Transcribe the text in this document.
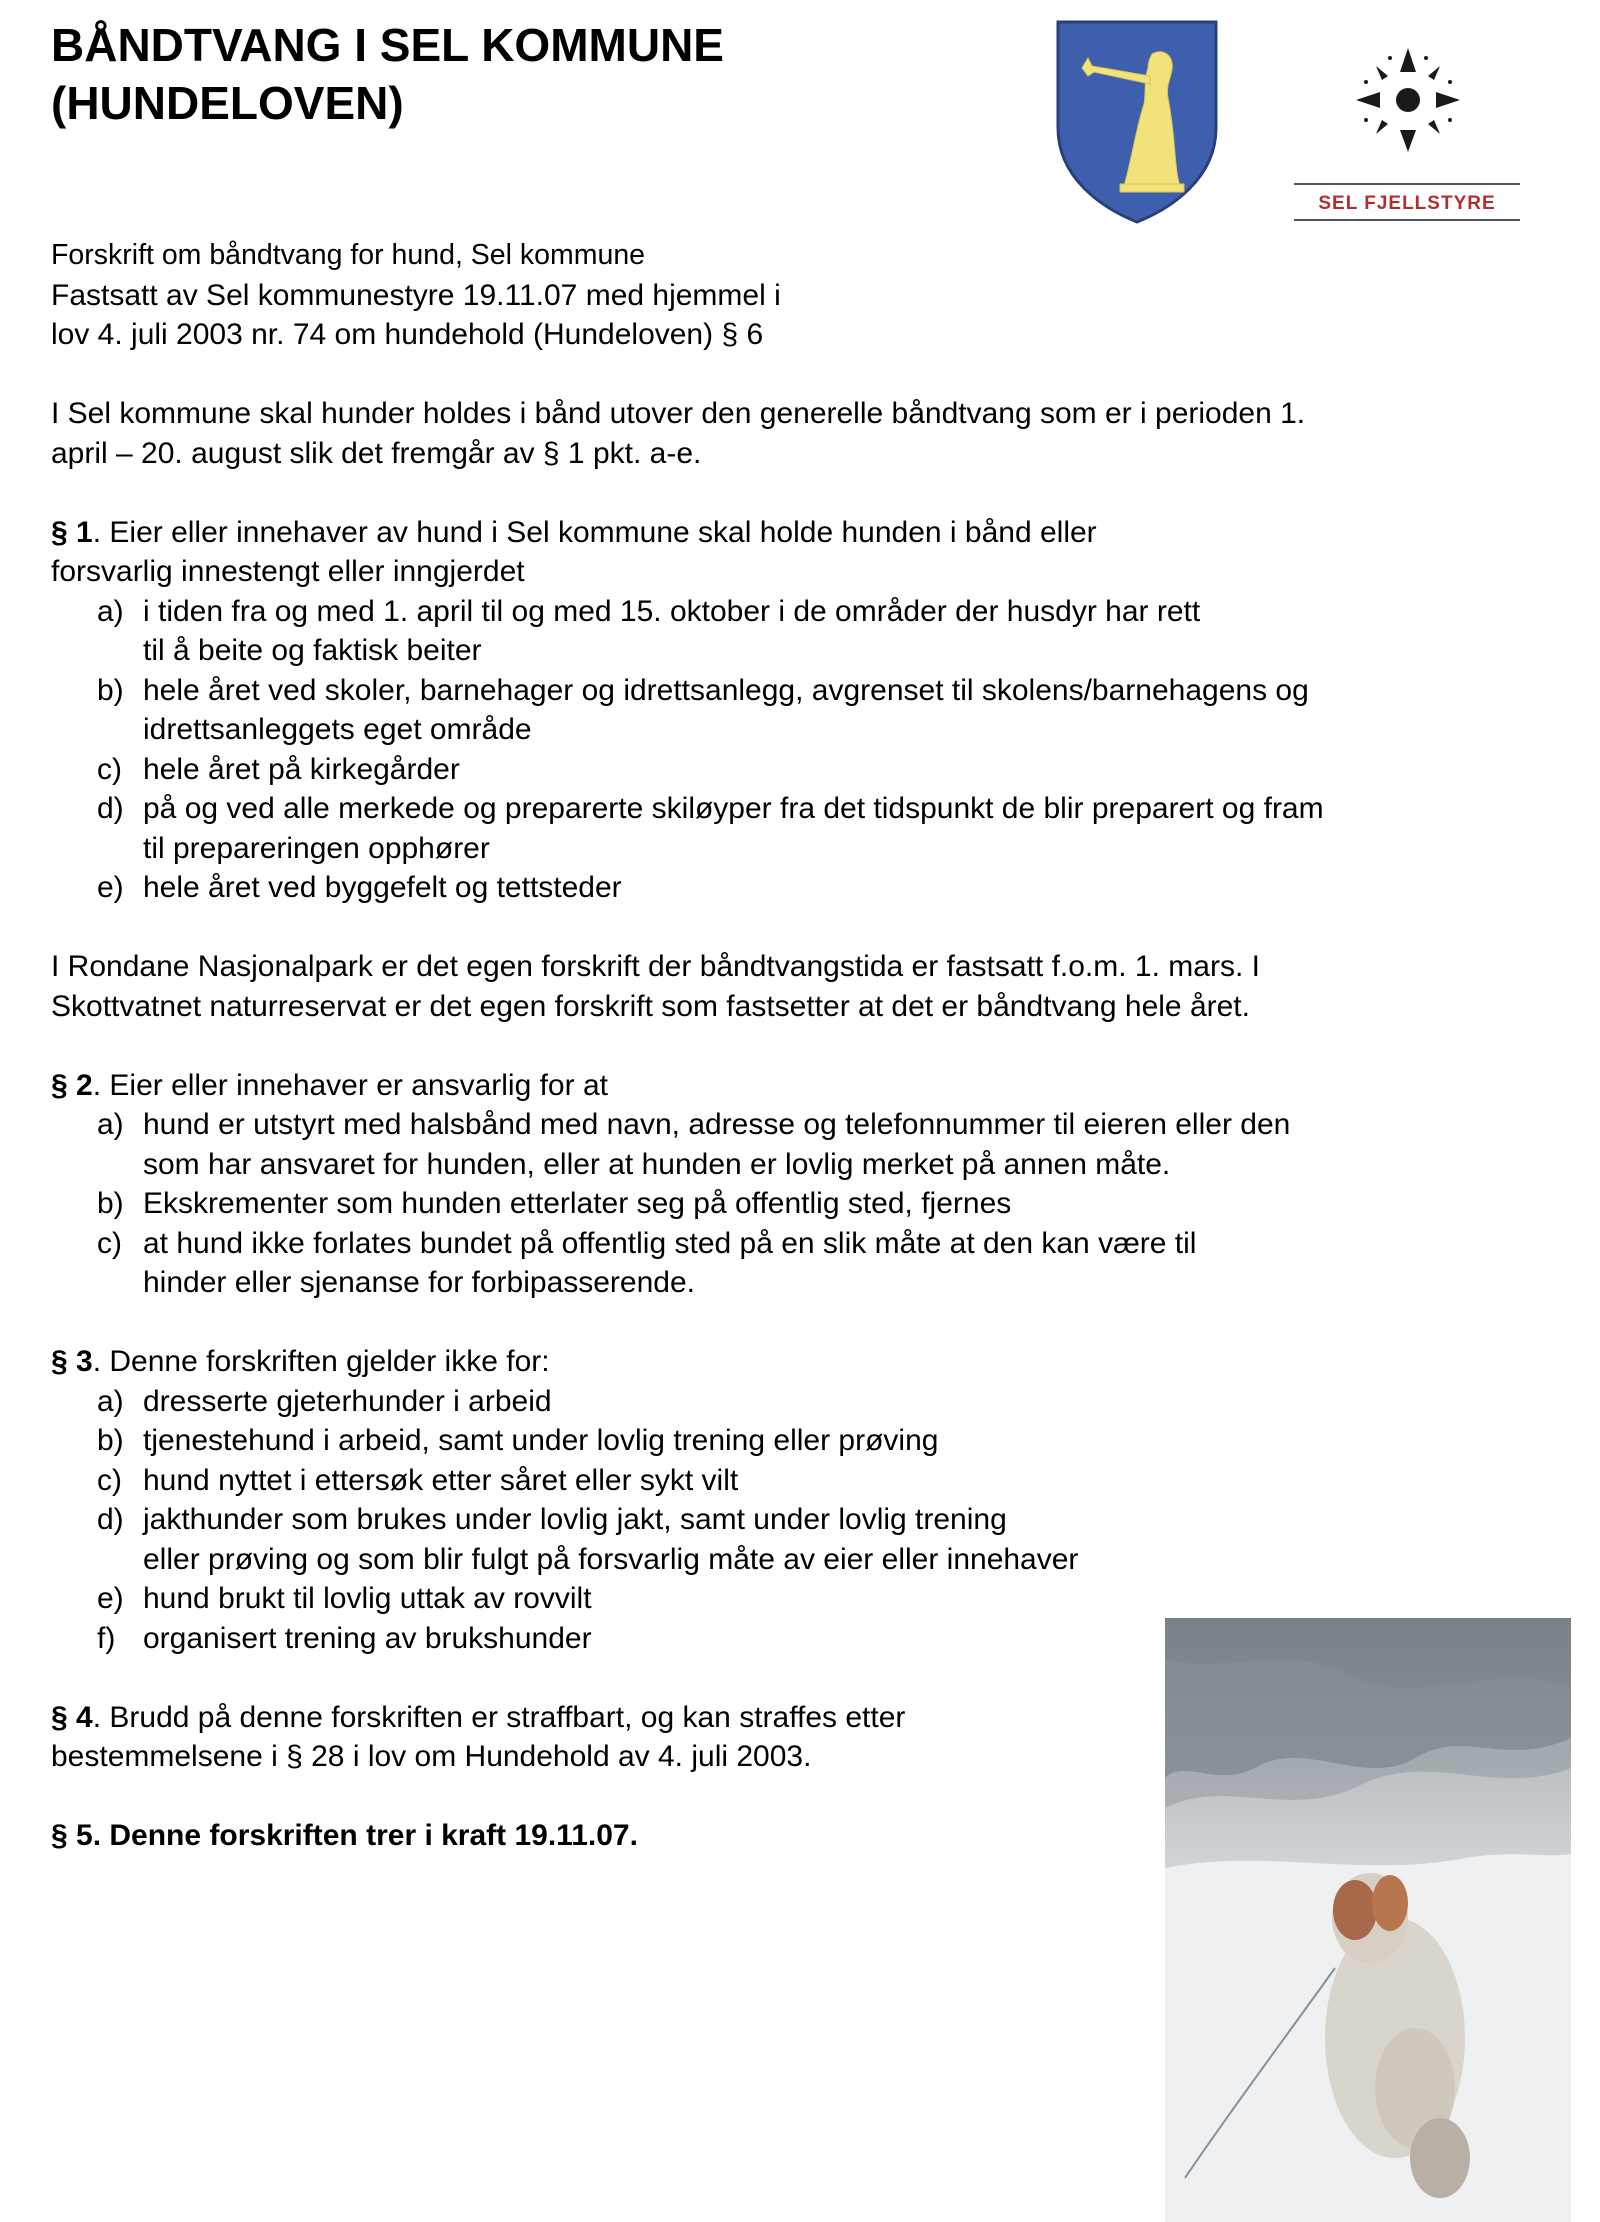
BÅNDTVANG I SEL KOMMUNE
(HUNDELOVEN)
SEL FJELLSTYRE
Forskrift om båndtvang for hund, Sel kommune
Fastsatt av Sel kommunestyre 19.11.07 med hjemmel i
lov 4. juli 2003 nr. 74 om hundehold (Hundeloven) § 6
I Sel kommune skal hunder holdes i bånd utover den generelle båndtvang som er i perioden 1.
april – 20. august slik det fremgår av § 1 pkt. a-e.
§ 1. Eier eller innehaver av hund i Sel kommune skal holde hunden i bånd eller
forsvarlig innestengt eller inngjerdet
a) i tiden fra og med 1. april til og med 15. oktober i de områder der husdyr har rett
til å beite og faktisk beiter
b) hele året ved skoler, barnehager og idrettsanlegg, avgrenset til skolens/barnehagens og
idrettsanleggets eget område
c) hele året på kirkegårder
d) på og ved alle merkede og preparerte skiløyper fra det tidspunkt de blir preparert og fram
til prepareringen opphører
e) hele året ved byggefelt og tettsteder
I Rondane Nasjonalpark er det egen forskrift der båndtvangstida er fastsatt f.o.m. 1. mars. I
Skottvatnet naturreservat er det egen forskrift som fastsetter at det er båndtvang hele året.
§ 2. Eier eller innehaver er ansvarlig for at
a) hund er utstyrt med halsbånd med navn, adresse og telefonnummer til eieren eller den
som har ansvaret for hunden, eller at hunden er lovlig merket på annen måte.
b) Ekskrementer som hunden etterlater seg på offentlig sted, fjernes
c) at hund ikke forlates bundet på offentlig sted på en slik måte at den kan være til
hinder eller sjenanse for forbipasserende.
§ 3. Denne forskriften gjelder ikke for:
a) dresserte gjeterhunder i arbeid
b) tjenestehund i arbeid, samt under lovlig trening eller prøving
c) hund nyttet i ettersøk etter såret eller sykt vilt
d) jakthunder som brukes under lovlig jakt, samt under lovlig trening
eller prøving og som blir fulgt på forsvarlig måte av eier eller innehaver
e) hund brukt til lovlig uttak av rovvilt
f) organisert trening av brukshunder
§ 4. Brudd på denne forskriften er straffbart, og kan straffes etter
bestemmelsene i § 28 i lov om Hundehold av 4. juli 2003.
§ 5. Denne forskriften trer i kraft 19.11.07.
